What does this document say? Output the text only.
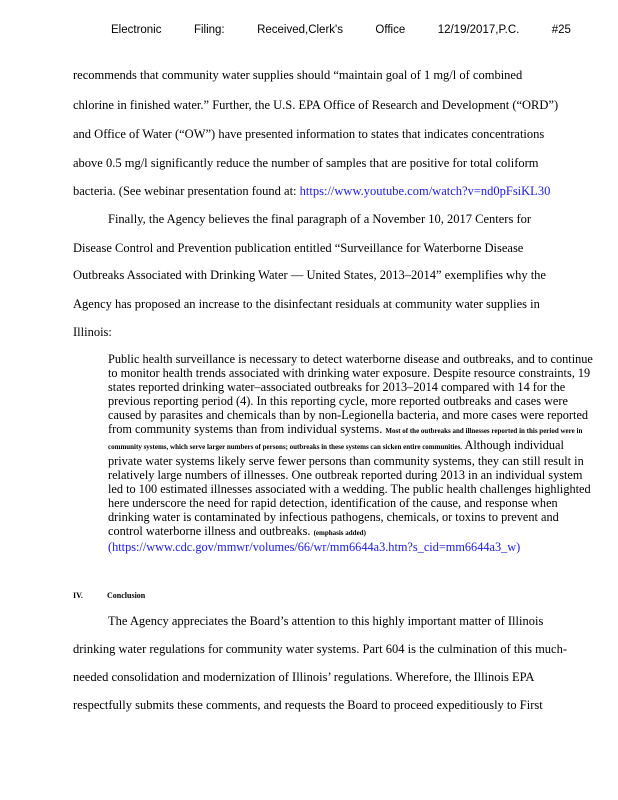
Electronic	Filing:	Received,Clerk's	Office	12/19/2017,P.C.	#25
recommends that community water supplies should “maintain goal of 1 mg/l of combined
chlorine in finished water.” Further, the U.S. EPA Office of Research and Development (“ORD”)
and Office of Water (“OW”) have presented information to states that indicates concentrations
above 0.5 mg/l significantly reduce the number of samples that are positive for total coliform
bacteria. (See webinar presentation found at: https://www.youtube.com/watch?v=nd0pFsiKL30
Finally, the Agency believes the final paragraph of a November 10, 2017 Centers for
Disease Control and Prevention publication entitled “Surveillance for Waterborne Disease
Outbreaks Associated with Drinking Water — United States, 2013–2014” exemplifies why the
Agency has proposed an increase to the disinfectant residuals at community water supplies in
Illinois:
Public health surveillance is necessary to detect waterborne disease and outbreaks, and to continue to monitor health trends associated with drinking water exposure. Despite resource constraints, 19 states reported drinking water–associated outbreaks for 2013–2014 compared with 14 for the previous reporting period (4). In this reporting cycle, more reported outbreaks and cases were caused by parasites and chemicals than by non-Legionella bacteria, and more cases were reported from community systems than from individual systems. Most of the outbreaks and illnesses reported in this period were in community systems, which serve larger numbers of persons; outbreaks in these systems can sicken entire communities. Although individual private water systems likely serve fewer persons than community systems, they can still result in relatively large numbers of illnesses. One outbreak reported during 2013 in an individual system led to 100 estimated illnesses associated with a wedding. The public health challenges highlighted here underscore the need for rapid detection, identification of the cause, and response when drinking water is contaminated by infectious pathogens, chemicals, or toxins to prevent and control waterborne illness and outbreaks. (emphasis added)
(https://www.cdc.gov/mmwr/volumes/66/wr/mm6644a3.htm?s_cid=mm6644a3_w)
IV.	Conclusion
The Agency appreciates the Board’s attention to this highly important matter of Illinois
drinking water regulations for community water systems. Part 604 is the culmination of this much-
needed consolidation and modernization of Illinois’ regulations. Wherefore, the Illinois EPA
respectfully submits these comments, and requests the Board to proceed expeditiously to First
